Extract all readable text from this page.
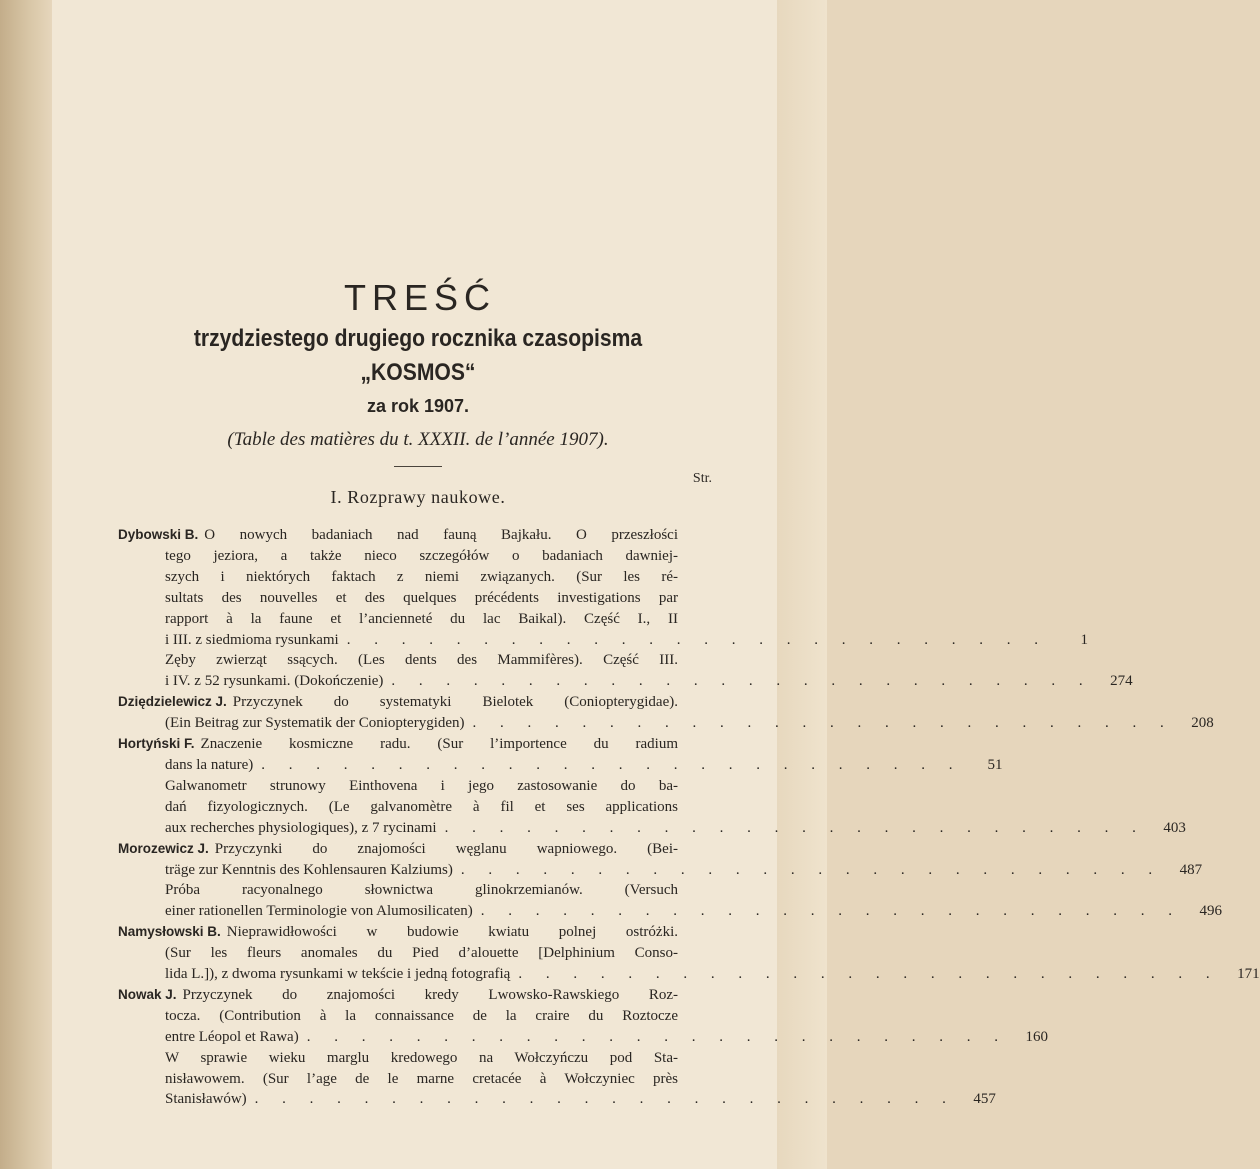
TREŚĆ
trzydziestego drugiego rocznika czasopisma „KOSMOS“
za rok 1907.
(Table des matières du t. XXXII. de l’année 1907).
Str.
I. Rozprawy naukowe.
Dybowski B. O nowych badaniach nad fauną Bajkału. O przeszłości
tego jeziora, a także nieco szczegółów o badaniach dawniej-
szych i niektórych faktach z niemi związanych. (Sur les ré-
sultats des nouvelles et des quelques précédents investigations par
rapport à la faune et l’ancienneté du lac Baikal). Część I., II
i III. z siedmioma rysunkami . . . . . . . . . . . . . . . . . . . . . . . . . .	1
Zęby zwierząt ssących. (Les dents des Mammifères). Część III.
i IV. z 52 rysunkami. (Dokończenie) . . . . . . . . . . . . . . . . . . . . . . . . . .	274
Dziędzielewicz J. Przyczynek do systematyki Bielotek (Coniopterygidae).
(Ein Beitrag zur Systematik der Coniopterygiden) . . . . . . . . . . . . . . . . . . . . . . . . . .	208
Hortyński F. Znaczenie kosmiczne radu. (Sur l’importence du radium
dans la nature) . . . . . . . . . . . . . . . . . . . . . . . . . .	51
Galwanometr strunowy Einthovena i jego zastosowanie do ba-
dań fizyologicznych. (Le galvanomètre à fil et ses applications
aux recherches physiologiques), z 7 rycinami . . . . . . . . . . . . . . . . . . . . . . . . . .	403
Morozewicz J. Przyczynki do znajomości węglanu wapniowego. (Bei-
träge zur Kenntnis des Kohlensauren Kalziums) . . . . . . . . . . . . . . . . . . . . . . . . . .	487
Próba racyonalnego słownictwa glinokrzemianów. (Versuch
einer rationellen Terminologie von Alumosilicaten) . . . . . . . . . . . . . . . . . . . . . . . . . .	496
Namysłowski B. Nieprawidłowości w budowie kwiatu polnej ostróżki.
(Sur les fleurs anomales du Pied d’alouette [Delphinium Conso-
lida L.]), z dwoma rysunkami w tekście i jedną fotografią . . . . . . . . . . . . . . . . . . . . . . . . . .	171
Nowak J. Przyczynek do znajomości kredy Lwowsko-Rawskiego Roz-
tocza. (Contribution à la connaissance de la craire du Roztocze
entre Léopol et Rawa) . . . . . . . . . . . . . . . . . . . . . . . . . .	160
W sprawie wieku marglu kredowego na Wołczyńczu pod Sta-
nisławowem. (Sur l’age de le marne cretacée à Wołczyniec près
Stanisławów) . . . . . . . . . . . . . . . . . . . . . . . . . .	457
